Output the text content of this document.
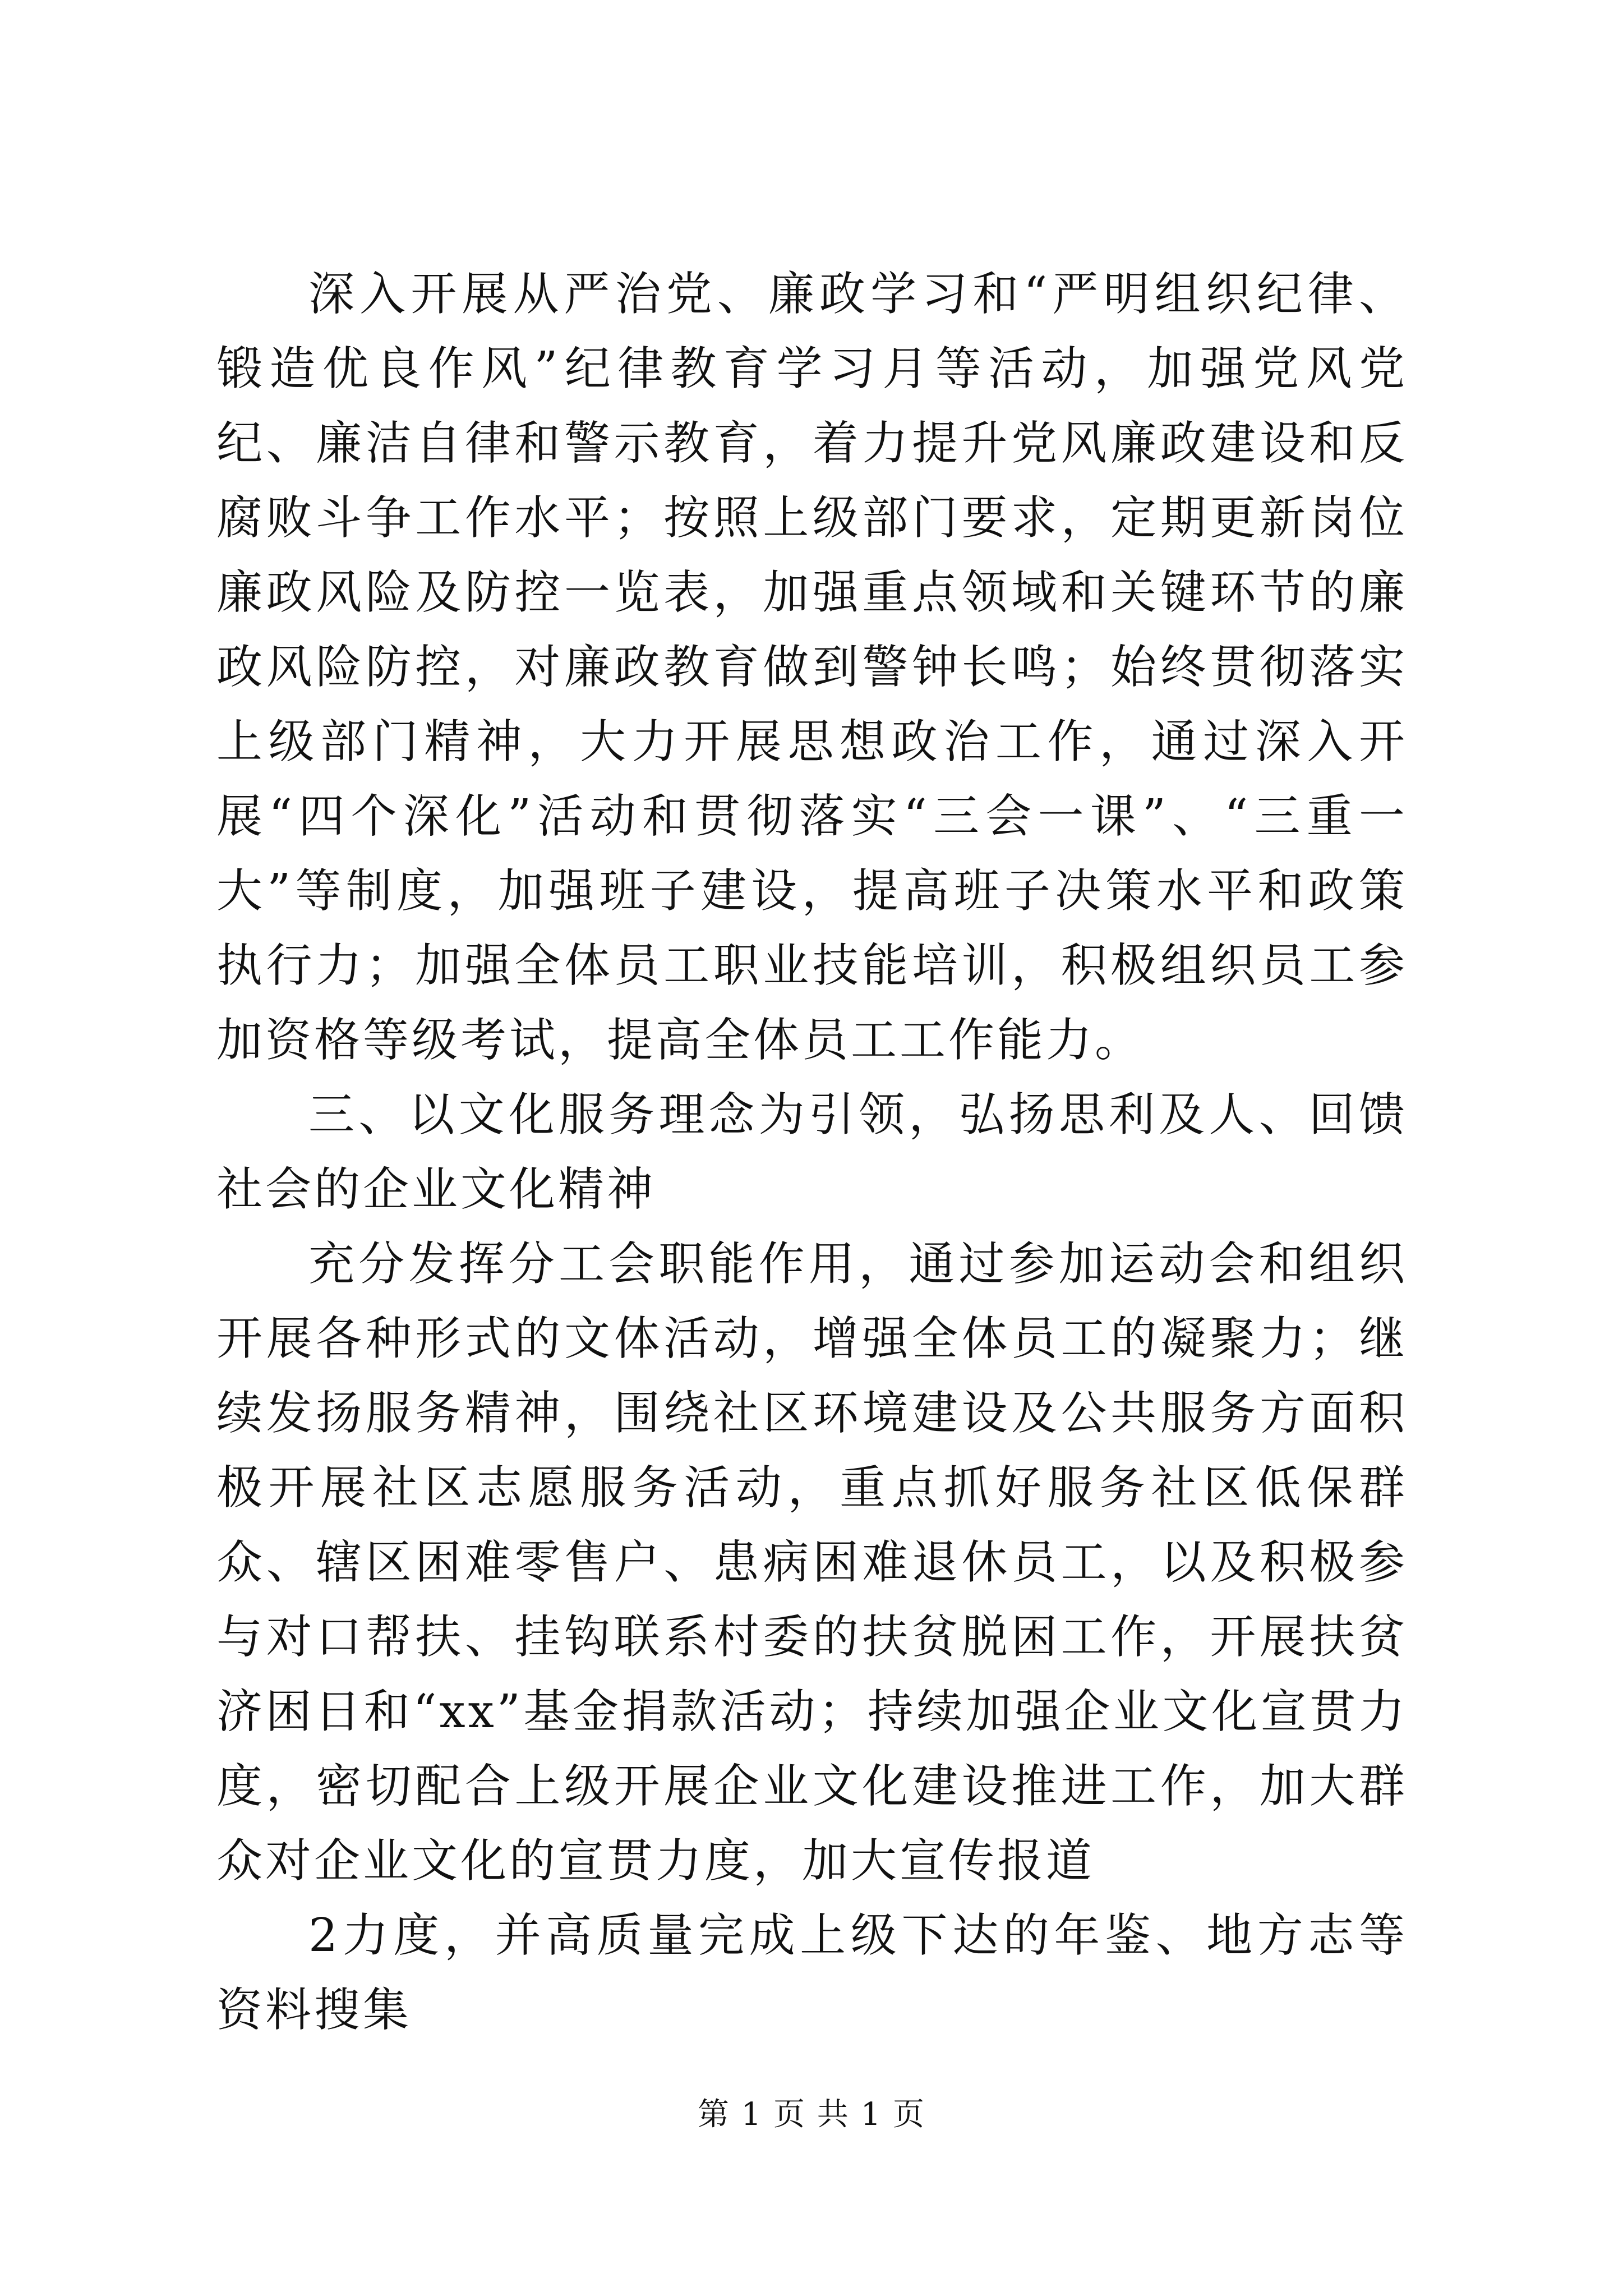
深入开展从严治党、廉政学习和“严明组织纪律、锻造优良作风”纪律教育学习月等活动，加强党风党纪、廉洁自律和警示教育，着力提升党风廉政建设和反腐败斗争工作水平；按照上级部门要求，定期更新岗位廉政风险及防控一览表，加强重点领域和关键环节的廉政风险防控，对廉政教育做到警钟长鸣；始终贯彻落实上级部门精神，大力开展思想政治工作，通过深入开展“四个深化”活动和贯彻落实“三会一课”、“三重一大”等制度，加强班子建设，提高班子决策水平和政策执行力；加强全体员工职业技能培训，积极组织员工参加资格等级考试，提高全体员工工作能力。

三、以文化服务理念为引领，弘扬思利及人、回馈社会的企业文化精神

充分发挥分工会职能作用，通过参加运动会和组织开展各种形式的文体活动，增强全体员工的凝聚力；继续发扬服务精神，围绕社区环境建设及公共服务方面积极开展社区志愿服务活动，重点抓好服务社区低保群众、辖区困难零售户、患病困难退休员工，以及积极参与对口帮扶、挂钩联系村委的扶贫脱困工作，开展扶贫济困日和“xx”基金捐款活动；持续加强企业文化宣贯力度，密切配合上级开展企业文化建设推进工作，加大群众对企业文化的宣贯力度，加大宣传报道

2力度，并高质量完成上级下达的年鉴、地方志等资料搜集

第 1 页 共 1 页
